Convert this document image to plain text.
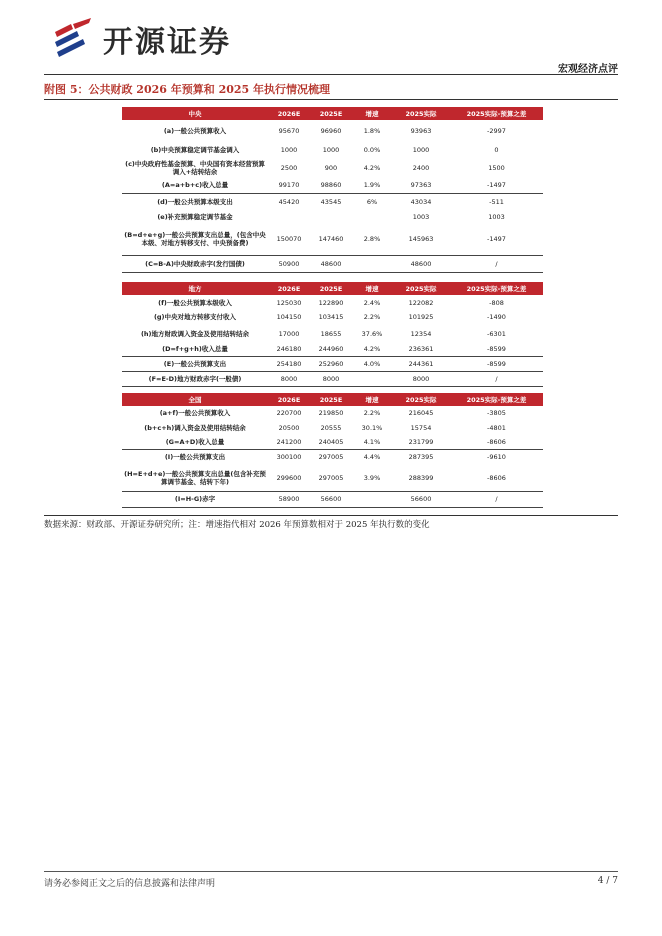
开源证券
宏观经济点评
附图 5：公共财政 2026 年预算和 2025 年执行情况梳理
中央	2026E	2025E	增速	2025实际	2025实际-预算之差
(a)一般公共预算收入	95670	96960	1.8%	93963	-2997
(b)中央预算稳定调节基金调入	1000	1000	0.0%	1000	0
(c)中央政府性基金预算、中央国有资本经营预算调入+结转结余	2500	900	4.2%	2400	1500
(A=a+b+c)收入总量	99170	98860	1.9%	97363	-1497
(d)一般公共预算本级支出	45420	43545	6%	43034	-511
(e)补充预算稳定调节基金				1003	1003
(B=d+e+g)一般公共预算支出总量，(包含中央本级、对地方转移支付、中央预备费)	150070	147460	2.8%	145963	-1497
(C=B-A)中央财政赤字(发行国债)	50900	48600		48600	/
地方	2026E	2025E	增速	2025实际	2025实际-预算之差
(f)一般公共预算本级收入	125030	122890	2.4%	122082	-808
(g)中央对地方转移支付收入	104150	103415	2.2%	101925	-1490
(h)地方财政调入资金及使用结转结余	17000	18655	37.6%	12354	-6301
(D=f+g+h)收入总量	246180	244960	4.2%	236361	-8599
(E)一般公共预算支出	254180	252960	4.0%	244361	-8599
(F=E-D)地方财政赤字(一般债)	8000	8000		8000	/
全国	2026E	2025E	增速	2025实际	2025实际-预算之差
(a+f)一般公共预算收入	220700	219850	2.2%	216045	-3805
(b+c+h)调入资金及使用结转结余	20500	20555	30.1%	15754	-4801
(G=A+D)收入总量	241200	240405	4.1%	231799	-8606
(I)一般公共预算支出	300100	297005	4.4%	287395	-9610
(H=E+d+e)一般公共预算支出总量(包含补充预算调节基金、结转下年)	299600	297005	3.9%	288399	-8606
(I=H-G)赤字	58900	56600		56600	/
数据来源：财政部、开源证券研究所；注：增速指代相对 2026 年预算数相对于 2025 年执行数的变化
请务必参阅正文之后的信息披露和法律声明	4 / 7
